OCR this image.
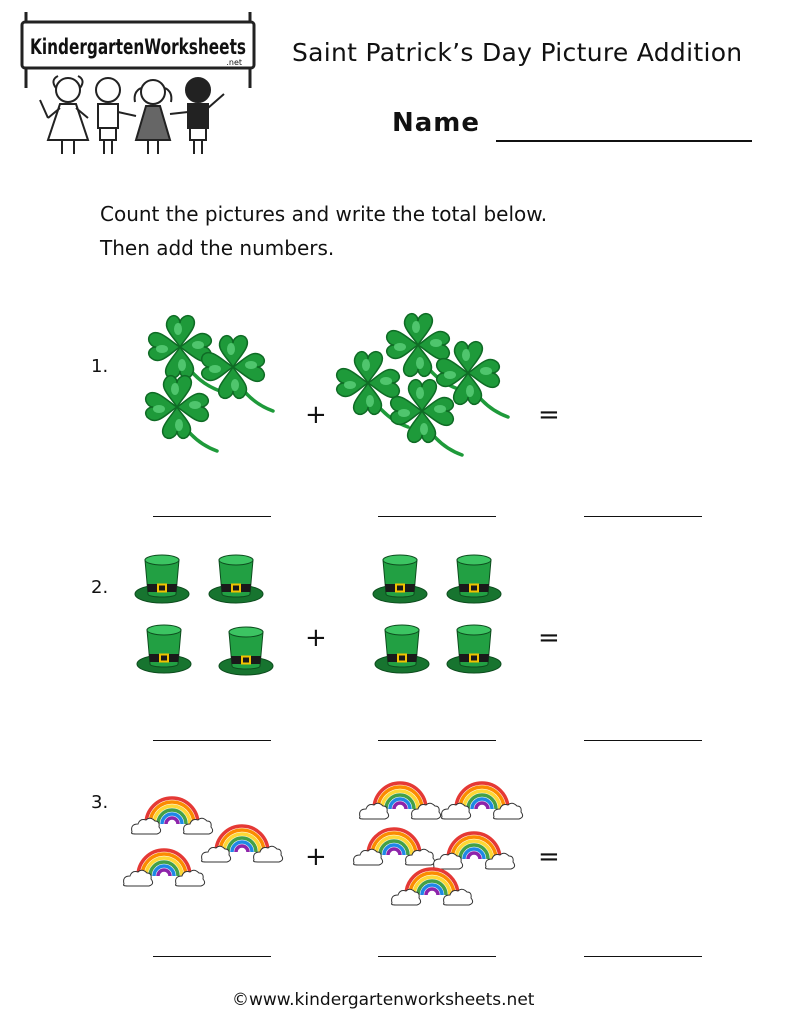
KindergartenWorksheets
.net Saint Patrick’s Day Picture Addition
Name
Count the pictures and write the total below.
Then add the numbers.
1.
+	=
2.
+	=
3.
+	=
©www.kindergartenworksheets.net
